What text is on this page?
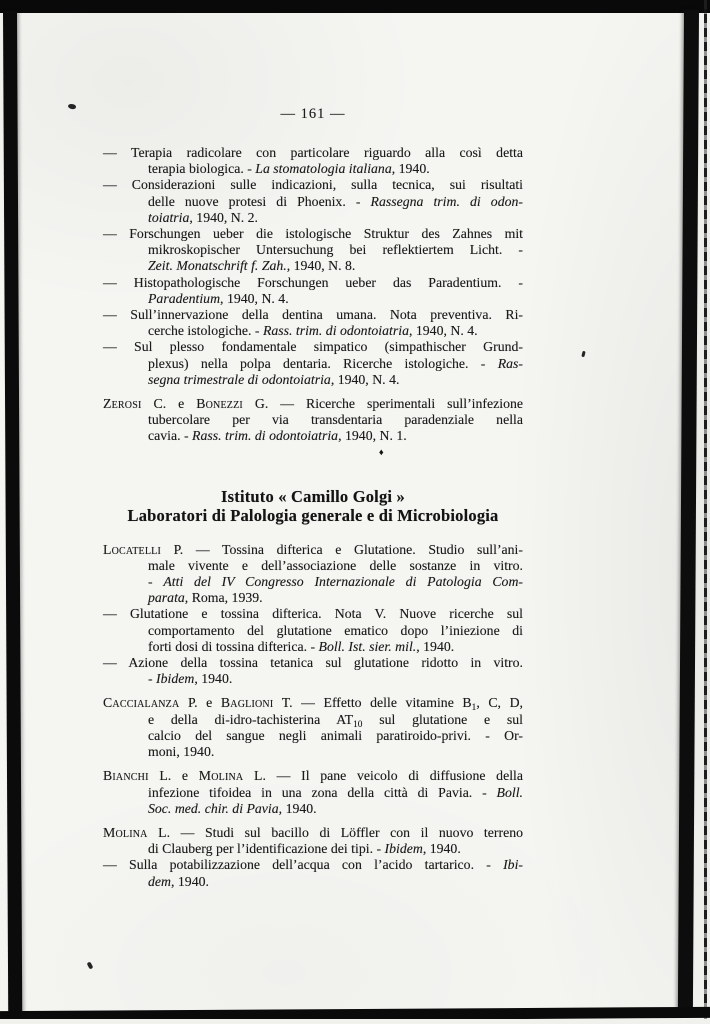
— 161 —
— Terapia radicolare con particolare riguardo alla così detta
terapia biologica. - La stomatologia italiana, 1940.
— Considerazioni sulle indicazioni, sulla tecnica, sui risultati
delle nuove protesi di Phoenix. - Rassegna trim. di odon-
toiatria, 1940, N. 2.
— Forschungen ueber die istologische Struktur des Zahnes mit
mikroskopischer Untersuchung bei reflektiertem Licht. -
Zeit. Monatschrift f. Zah., 1940, N. 8.
— Histopathologische Forschungen ueber das Paradentium. -
Paradentium, 1940, N. 4.
— Sull’innervazione della dentina umana. Nota preventiva. Ri-
cerche istologiche. - Rass. trim. di odontoiatria, 1940, N. 4.
— Sul plesso fondamentale simpatico (simpathischer Grund-
plexus) nella polpa dentaria. Ricerche istologiche. - Ras-
segna trimestrale di odontoiatria, 1940, N. 4.
Zerosi C. e Bonezzi G. — Ricerche sperimentali sull’infezione
tubercolare per via transdentaria paradenziale nella
cavia. - Rass. trim. di odontoiatria, 1940, N. 1.
♦
Istituto « Camillo Golgi »
Laboratori di Palologia generale e di Microbiologia
Locatelli P. — Tossina difterica e Glutatione. Studio sull’ani-
male vivente e dell’associazione delle sostanze in vitro.
- Atti del IV Congresso Internazionale di Patologia Com-
parata, Roma, 1939.
— Glutatione e tossina difterica. Nota V. Nuove ricerche sul
comportamento del glutatione ematico dopo l’iniezione di
forti dosi di tossina difterica. - Boll. Ist. sier. mil., 1940.
— Azione della tossina tetanica sul glutatione ridotto in vitro.
- Ibidem, 1940.
Caccialanza P. e Baglioni T. — Effetto delle vitamine $B_1$, C, D,
e della di-idro-tachisterina $AT_{10}$ sul glutatione e sul
calcio del sangue negli animali paratiroido-privi. - Or-
moni, 1940.
Bianchi L. e Molina L. — Il pane veicolo di diffusione della
infezione tifoidea in una zona della città di Pavia. - Boll.
Soc. med. chir. di Pavia, 1940.
Molina L. — Studi sul bacillo di Löffler con il nuovo terreno
di Clauberg per l’identificazione dei tipi. - Ibidem, 1940.
— Sulla potabilizzazione dell’acqua con l’acido tartarico. - Ibi-
dem, 1940.
